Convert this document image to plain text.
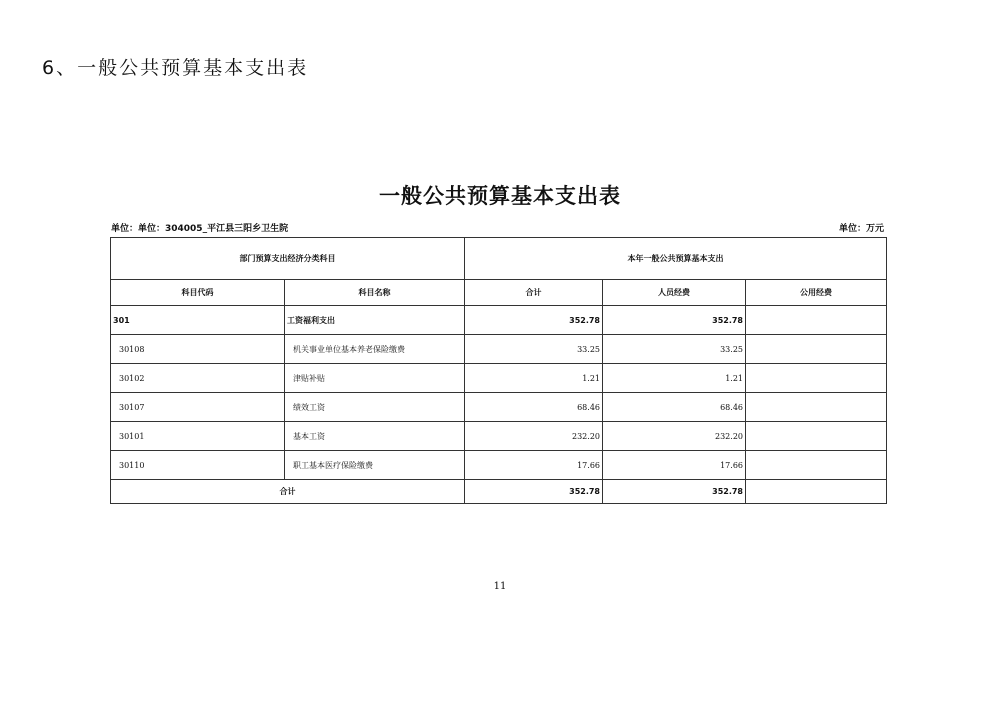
6、一般公共预算基本支出表
一般公共预算基本支出表
单位：单位：304005_平江县三阳乡卫生院	单位：万元
部门预算支出经济分类科目		本年一般公共预算基本支出		
科目代码	科目名称	合计	人员经费	公用经费
301	工资福利支出	352.78	352.78	
30108	机关事业单位基本养老保险缴费	33.25	33.25	
30102	津贴补贴	1.21	1.21	
30107	绩效工资	68.46	68.46	
30101	基本工资	232.20	232.20	
30110	职工基本医疗保险缴费	17.66	17.66	
合计		352.78	352.78	
11
